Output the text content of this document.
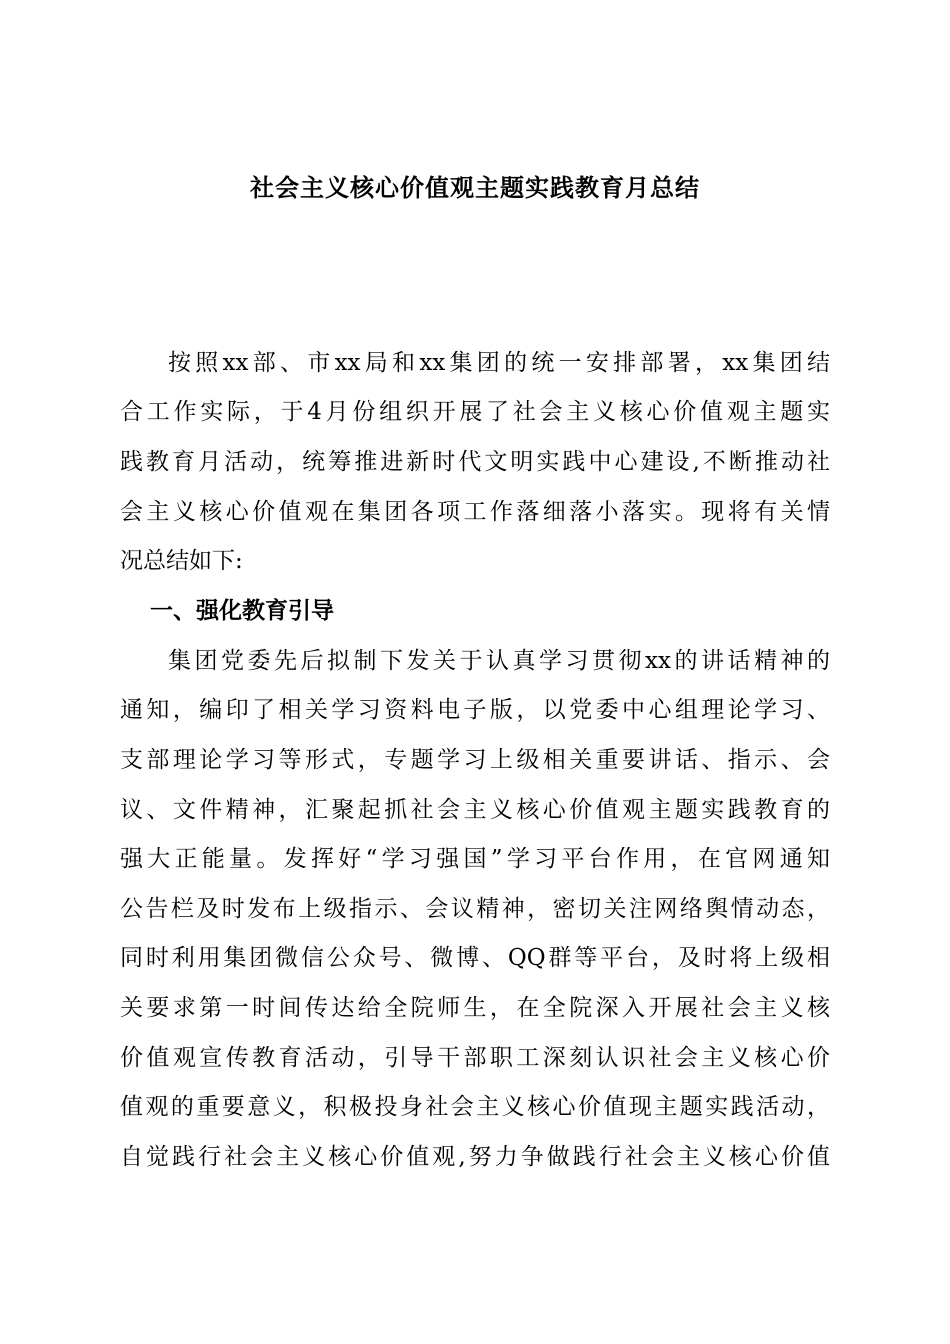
社会主义核心价值观主题实践教育月总结
按照xx部、市xx局和xx集团的统一安排部署，xx集团结
合工作实际，于4月份组织开展了社会主义核心价值观主题实
践教育月活动，统筹推进新时代文明实践中心建设,不断推动社
会主义核心价值观在集团各项工作落细落小落实。现将有关情
况总结如下:
一、强化教育引导
集团党委先后拟制下发关于认真学习贯彻xx的讲话精神的
通知，编印了相关学习资料电子版，以党委中心组理论学习、
支部理论学习等形式，专题学习上级相关重要讲话、指示、会
议、文件精神，汇聚起抓社会主义核心价值观主题实践教育的
强大正能量。发挥好“学习强国”学习平台作用，在官网通知
公告栏及时发布上级指示、会议精神，密切关注网络舆情动态，
同时利用集团微信公众号、微博、QQ群等平台，及时将上级相
关要求第一时间传达给全院师生，在全院深入开展社会主义核
价值观宣传教育活动，引导干部职工深刻认识社会主义核心价
值观的重要意义，积极投身社会主义核心价值现主题实践活动，
自觉践行社会主义核心价值观,努力争做践行社会主义核心价值
